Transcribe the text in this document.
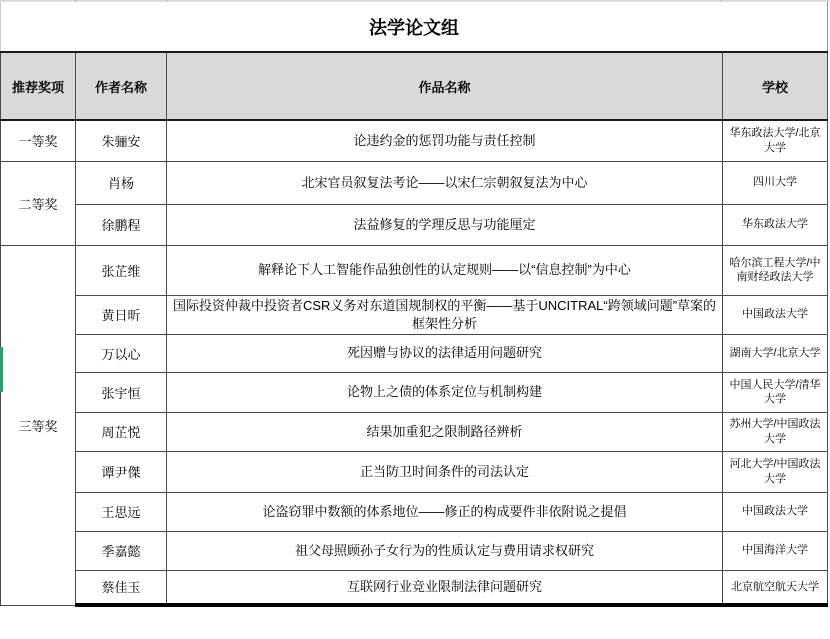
法学论文组			
推荐奖项	作者名称	作品名称	学校
一等奖	朱骊安	论违约金的惩罚功能与责任控制	华东政法大学/北京大学
二等奖	肖杨	北宋官员叙复法考论——以宋仁宗朝叙复法为中心	四川大学
	徐鹏程	法益修复的学理反思与功能厘定	华东政法大学
三等奖	张芷维	解释论下人工智能作品独创性的认定规则——以“信息控制”为中心	哈尔滨工程大学/中南财经政法大学
	黄日昕	国际投资仲裁中投资者CSR义务对东道国规制权的平衡——基于UNCITRAL“跨领域问题”草案的框架性分析	中国政法大学
	万以心	死因赠与协议的法律适用问题研究	湖南大学/北京大学
	张宇恒	论物上之债的体系定位与机制构建	中国人民大学/清华大学
	周芷悦	结果加重犯之限制路径辨析	苏州大学/中国政法大学
	谭尹傑	正当防卫时间条件的司法认定	河北大学/中国政法大学
	王思远	论盗窃罪中数额的体系地位——修正的构成要件非依附说之提倡	中国政法大学
	季嘉懿	祖父母照顾孙子女行为的性质认定与费用请求权研究	中国海洋大学
	蔡佳玉	互联网行业竞业限制法律问题研究	北京航空航天大学
